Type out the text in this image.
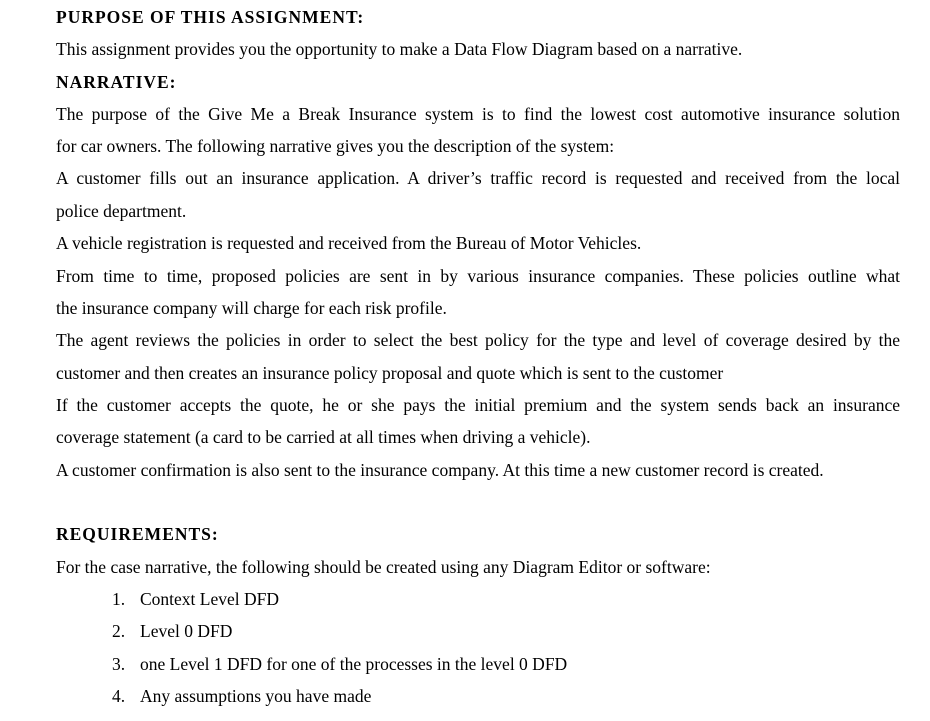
PURPOSE OF THIS ASSIGNMENT:
This assignment provides you the opportunity to make a Data Flow Diagram based on a narrative.
NARRATIVE:
The purpose of the Give Me a Break Insurance system is to find the lowest cost automotive insurance solution
for car owners. The following narrative gives you the description of the system:
A customer fills out an insurance application. A driver’s traffic record is requested and received from the local
police department.
A vehicle registration is requested and received from the Bureau of Motor Vehicles.
From time to time, proposed policies are sent in by various insurance companies. These policies outline what
the insurance company will charge for each risk profile.
The agent reviews the policies in order to select the best policy for the type and level of coverage desired by the
customer and then creates an insurance policy proposal and quote which is sent to the customer
If the customer accepts the quote, he or she pays the initial premium and the system sends back an insurance
coverage statement (a card to be carried at all times when driving a vehicle).
A customer confirmation is also sent to the insurance company. At this time a new customer record is created.
REQUIREMENTS:
For the case narrative, the following should be created using any Diagram Editor or software:
1. Context Level DFD
2. Level 0 DFD
3. one Level 1 DFD for one of the processes in the level 0 DFD
4. Any assumptions you have made
